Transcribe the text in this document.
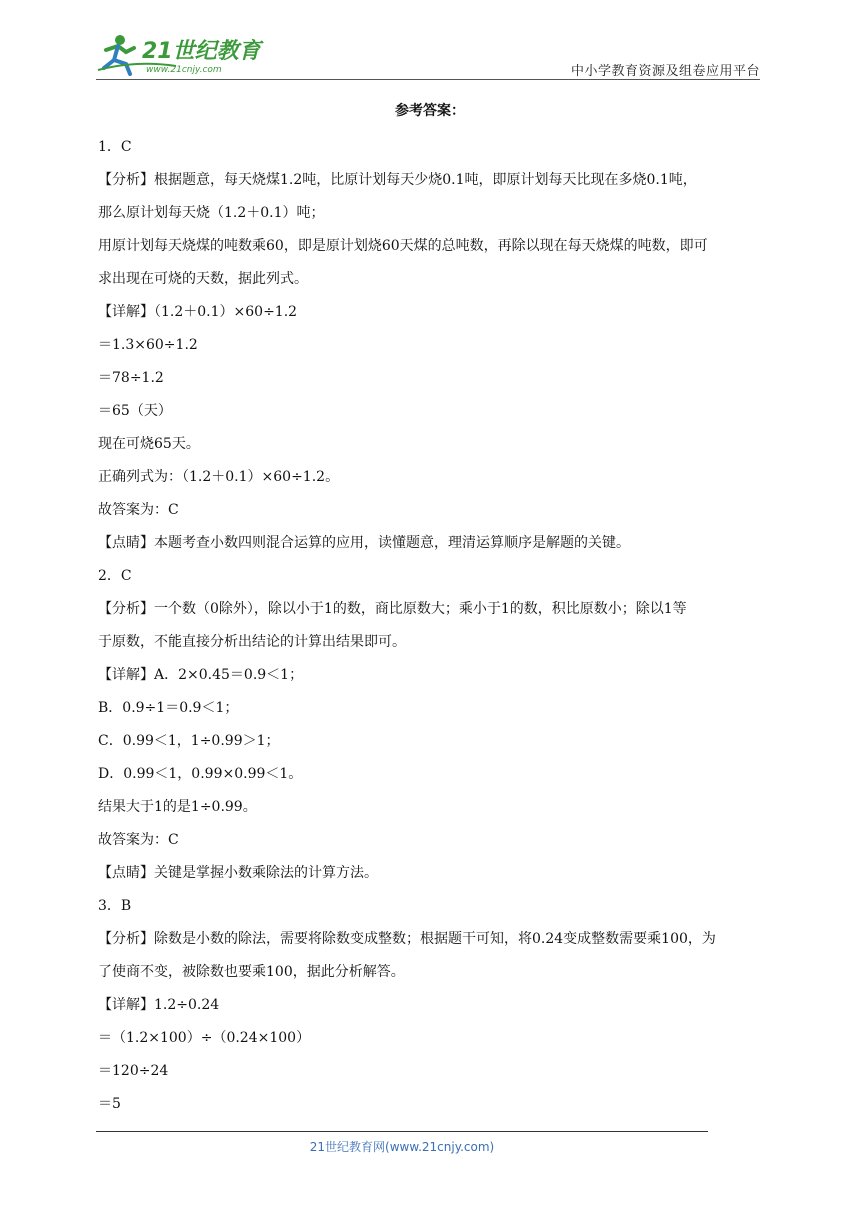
21世纪教育
www.21cnjy.com	中小学教育资源及组卷应用平台
参考答案：
1．C
【分析】根据题意，每天烧煤1.2吨，比原计划每天少烧0.1吨，即原计划每天比现在多烧0.1吨，
那么原计划每天烧（1.2＋0.1）吨；
用原计划每天烧煤的吨数乘60，即是原计划烧60天煤的总吨数，再除以现在每天烧煤的吨数，即可
求出现在可烧的天数，据此列式。
【详解】（1.2＋0.1）×60÷1.2
＝1.3×60÷1.2
＝78÷1.2
＝65（天）
现在可烧65天。
正确列式为：（1.2＋0.1）×60÷1.2。
故答案为：C
【点睛】本题考查小数四则混合运算的应用，读懂题意，理清运算顺序是解题的关键。
2．C
【分析】一个数（0除外），除以小于1的数，商比原数大；乘小于1的数，积比原数小；除以1等
于原数，不能直接分析出结论的计算出结果即可。
【详解】A．2×0.45＝0.9＜1；
B．0.9÷1＝0.9＜1；
C．0.99＜1，1÷0.99＞1；
D．0.99＜1，0.99×0.99＜1。
结果大于1的是1÷0.99。
故答案为：C
【点睛】关键是掌握小数乘除法的计算方法。
3．B
【分析】除数是小数的除法，需要将除数变成整数；根据题干可知，将0.24变成整数需要乘100，为
了使商不变，被除数也要乘100，据此分析解答。
【详解】1.2÷0.24
＝（1.2×100）÷（0.24×100）
＝120÷24
＝5
21世纪教育网(www.21cnjy.com)
